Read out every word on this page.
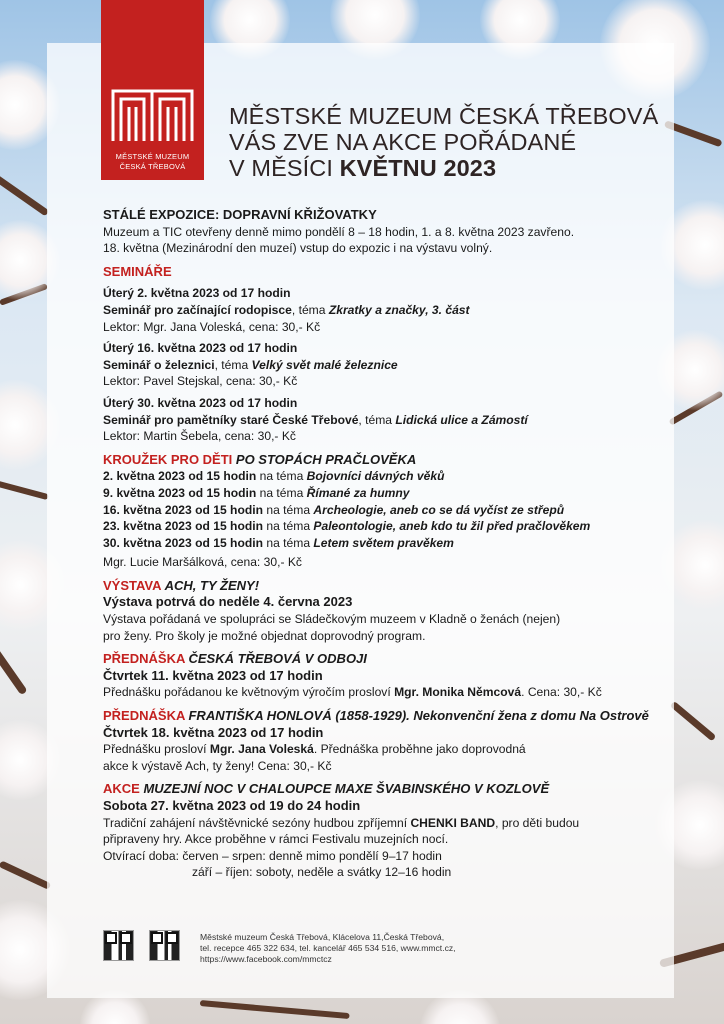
MĚSTSKÉ MUZEUM
ČESKÁ TŘEBOVÁ
MĚSTSKÉ MUZEUM ČESKÁ TŘEBOVÁ
VÁS ZVE NA AKCE POŘÁDANÉ
V MĚSÍCI KVĚTNU 2023
STÁLÉ EXPOZICE: DOPRAVNÍ KŘIŽOVATKY
Muzeum a TIC otevřeny denně mimo pondělí 8 – 18 hodin, 1. a 8. května 2023 zavřeno.
18. května (Mezinárodní den muzeí) vstup do expozic i na výstavu volný.
SEMINÁŘE
Úterý 2. května 2023 od 17 hodin
Seminář pro začínající rodopisce, téma Zkratky a značky, 3. část
Lektor: Mgr. Jana Voleská, cena: 30,- Kč
Úterý 16. května 2023 od 17 hodin
Seminář o železnici, téma Velký svět malé železnice
Lektor: Pavel Stejskal, cena: 30,- Kč
Úterý 30. května 2023 od 17 hodin
Seminář pro pamětníky staré České Třebové, téma Lidická ulice a Zámostí
Lektor: Martin Šebela, cena: 30,- Kč
KROUŽEK PRO DĚTI PO STOPÁCH PRAČLOVĚKA
2. května 2023 od 15 hodin na téma Bojovníci dávných věků
9. května 2023 od 15 hodin na téma Římané za humny
16. května 2023 od 15 hodin na téma Archeologie, aneb co se dá vyčíst ze střepů
23. května 2023 od 15 hodin na téma Paleontologie, aneb kdo tu žil před pračlověkem
30. května 2023 od 15 hodin na téma Letem světem pravěkem
Mgr. Lucie Maršálková, cena: 30,- Kč
VÝSTAVA ACH, TY ŽENY!
Výstava potrvá do neděle 4. června 2023
Výstava pořádaná ve spolupráci se Sládečkovým muzeem v Kladně o ženách (nejen)
pro ženy. Pro školy je možné objednat doprovodný program.
PŘEDNÁŠKA ČESKÁ TŘEBOVÁ V ODBOJI
Čtvrtek 11. května 2023 od 17 hodin
Přednášku pořádanou ke květnovým výročím prosloví Mgr. Monika Němcová. Cena: 30,- Kč
PŘEDNÁŠKA FRANTIŠKA HONLOVÁ (1858-1929). Nekonvenční žena z domu Na Ostrově
Čtvrtek 18. května 2023 od 17 hodin
Přednášku prosloví Mgr. Jana Voleská. Přednáška proběhne jako doprovodná
akce k výstavě Ach, ty ženy! Cena: 30,- Kč
AKCE MUZEJNÍ NOC V CHALOUPCE MAXE ŠVABINSKÉHO V KOZLOVĚ
Sobota 27. května 2023 od 19 do 24 hodin
Tradiční zahájení návštěvnické sezóny hudbou zpříjemní CHENKI BAND, pro děti budou
připraveny hry. Akce proběhne v rámci Festivalu muzejních nocí.
Otvírací doba: červen – srpen: denně mimo pondělí 9–17 hodin
září – říjen: soboty, neděle a svátky 12–16 hodin
Městské muzeum Česká Třebová, Klácelova 11,Česká Třebová,
tel. recepce 465 322 634, tel. kancelář 465 534 516, www.mmct.cz,
https://www.facebook.com/mmctcz
